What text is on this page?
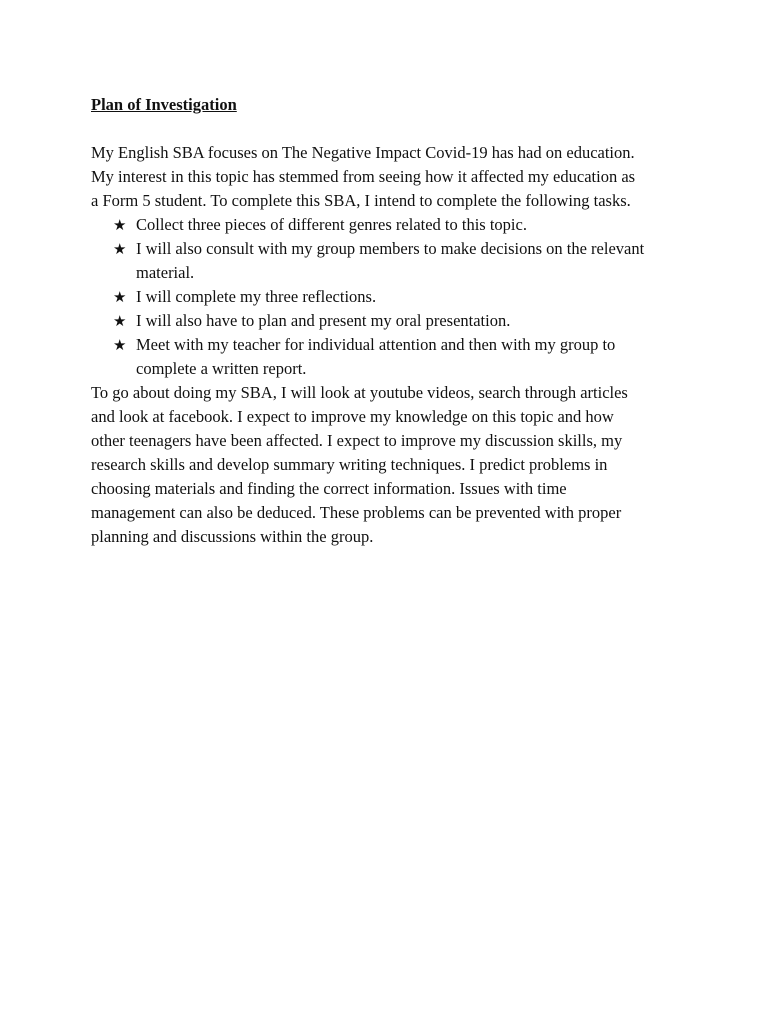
Plan of Investigation

My English SBA focuses on The Negative Impact Covid-19 has had on education.
My interest in this topic has stemmed from seeing how it affected my education as
a Form 5 student. To complete this SBA, I intend to complete the following tasks.

★ Collect three pieces of different genres related to this topic.
★ I will also consult with my group members to make decisions on the relevant
material.
★ I will complete my three reflections.
★ I will also have to plan and present my oral presentation.
★ Meet with my teacher for individual attention and then with my group to
complete a written report.

To go about doing my SBA, I will look at youtube videos, search through articles
and look at facebook. I expect to improve my knowledge on this topic and how
other teenagers have been affected. I expect to improve my discussion skills, my
research skills and develop summary writing techniques. I predict problems in
choosing materials and finding the correct information. Issues with time
management can also be deduced. These problems can be prevented with proper
planning and discussions within the group.
